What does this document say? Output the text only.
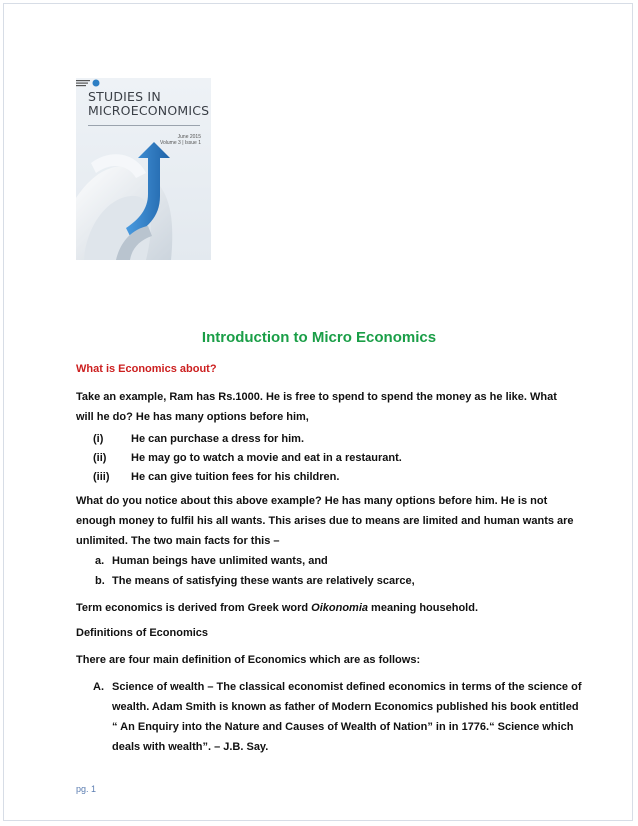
STUDIES IN
MICROECONOMICS
June 2015
Volume 3 | Issue 1
Introduction to Micro Economics
What is Economics about?
Take an example, Ram has Rs.1000. He is free to spend to spend the money as he like. What will he do? He has many options before him,
(i)	He can purchase a dress for him.
(ii) He may go to watch a movie and eat in a restaurant.
(iii) He can give tuition fees for his children.
What do you notice about this above example? He has many options before him. He is not enough money to fulfil his all wants. This arises due to means are limited and human wants are unlimited. The two main facts for this –
a. Human beings have unlimited wants, and
b. The means of satisfying these wants are relatively scarce,
Term economics is derived from Greek word Oikonomia meaning household.
Definitions of Economics
There are four main definition of Economics which are as follows:
A. Science of wealth – The classical economist defined economics in terms of the science of wealth. Adam Smith is known as father of Modern Economics published his book entitled “ An Enquiry into the Nature and Causes of Wealth of Nation” in in 1776.“ Science which deals with wealth”. – J.B. Say.
pg. 1
